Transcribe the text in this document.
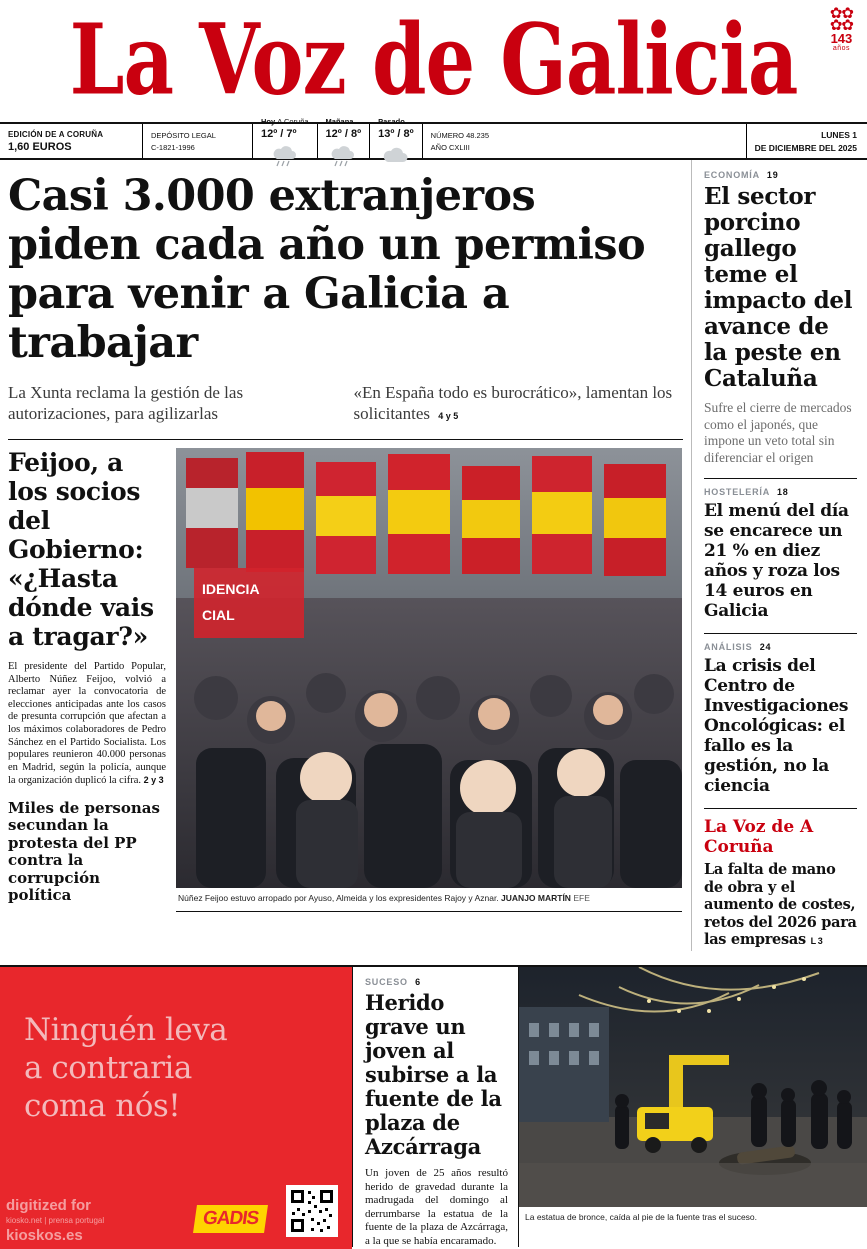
La Voz de Galicia ✿✿
✿✿
143
años
EDICIÓN DE A CORUÑA
1,60 EUROS
DEPÓSITO LEGAL
C-1821-1996
Hoy A Coruña
12º / 7º
Mañana
12º / 8º
Pasado
13º / 8º NÚMERO 48.235
AÑO CXLIII
LUNES 1
DE DICIEMBRE DEL 2025
Casi 3.000 extranjeros piden cada año un permiso para venir a Galicia a trabajar
La Xunta reclama la gestión de las autorizaciones, para agilizarlas
«En España todo es burocrático», lamentan los solicitantes 4 y 5
Feijoo, a los socios del Gobierno: «¿Hasta dónde vais a tragar?»
El presidente del Partido Popular, Alberto Núñez Feijoo, volvió a reclamar ayer la convocatoria de elecciones anticipadas ante los casos de presunta corrupción que afectan a los máximos colaboradores de Pedro Sánchez en el Partido Socialista. Los populares reunieron 40.000 personas en Madrid, según la policía, aunque la organización duplicó la cifra. 2 y 3
Miles de personas secundan la protesta del PP contra la corrupción política
IDENCIA
CIAL
Núñez Feijoo estuvo arropado por Ayuso, Almeida y los expresidentes Rajoy y Aznar. JUANJO MARTÍN EFE
ECONOMÍA 19
El sector porcino gallego teme el impacto del avance de la peste en Cataluña

Sufre el cierre de mercados como el japonés, que impone un veto total sin diferenciar el origen

HOSTELERÍA 18
El menú del día se encarece un 21 % en diez años y roza los 14 euros en Galicia
ANÁLISIS 24
La crisis del Centro de Investigaciones Oncológicas: el fallo es la gestión, no la ciencia
La Voz de A Coruña
La falta de mano de obra y el aumento de costes, retos del 2026 para las empresas L 3
Ninguén leva
a contraria
coma nós!
GADIS
digitized for
kiosko.net | prensa portugal
kioskos.es
SUCESO 6
Herido grave un joven al subirse a la fuente de la plaza de Azcárraga

Un joven de 25 años resultó herido de gravedad durante la madrugada del domingo al derrumbarse la estatua de la fuente de la plaza de Azcárraga, a la que se había encaramado.

La estatua de bronce, caída al pie de la fuente tras el suceso.
